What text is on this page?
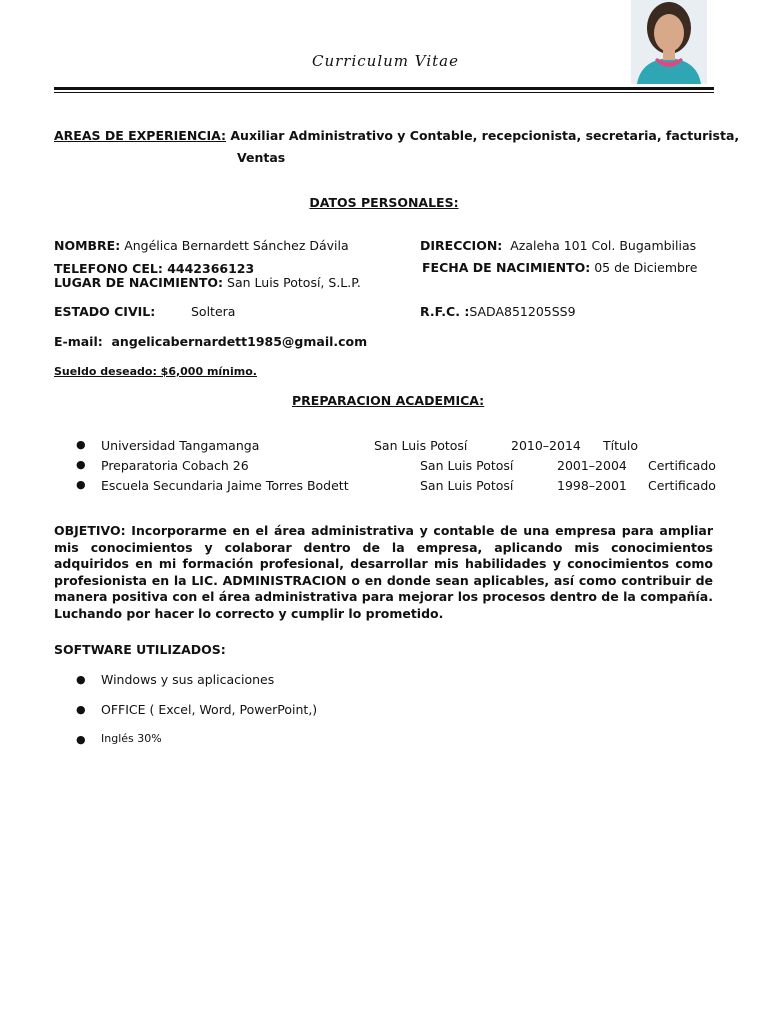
Curriculum Vitae
AREAS DE EXPERIENCIA: Auxiliar Administrativo y Contable, recepcionista, secretaria, facturista,
Ventas
DATOS PERSONALES:
NOMBRE: Angélica Bernardett Sánchez Dávila	DIRECCION: Azaleha 101 Col. Bugambilias
TELEFONO CEL: 4442366123	FECHA DE NACIMIENTO: 05 de Diciembre
LUGAR DE NACIMIENTO: San Luis Potosí, S.L.P.
ESTADO CIVIL:	Soltera	R.F.C. :SADA851205SS9
E-mail: angelicabernardett1985@gmail.com
Sueldo deseado: $6,000 mínimo.
PREPARACION ACADEMICA:
● Universidad Tangamanga	San Luis Potosí	2010–2014 Título
● Preparatoria Cobach 26	San Luis Potosí	2001–2004 Certificado
● Escuela Secundaria Jaime Torres Bodett	San Luis Potosí	1998–2001 Certificado
OBJETIVO: Incorporarme en el área administrativa y contable de una empresa para ampliar mis conocimientos y colaborar dentro de la empresa, aplicando mis conocimientos adquiridos en mi formación profesional, desarrollar mis habilidades y conocimientos como profesionista en la LIC. ADMINISTRACION o en donde sean aplicables, así como contribuir de manera positiva con el área administrativa para mejorar los procesos dentro de la compañía. Luchando por hacer lo correcto y cumplir lo prometido.
SOFTWARE UTILIZADOS:
● Windows y sus aplicaciones
● OFFICE ( Excel, Word, PowerPoint,)
● Inglés 30%
